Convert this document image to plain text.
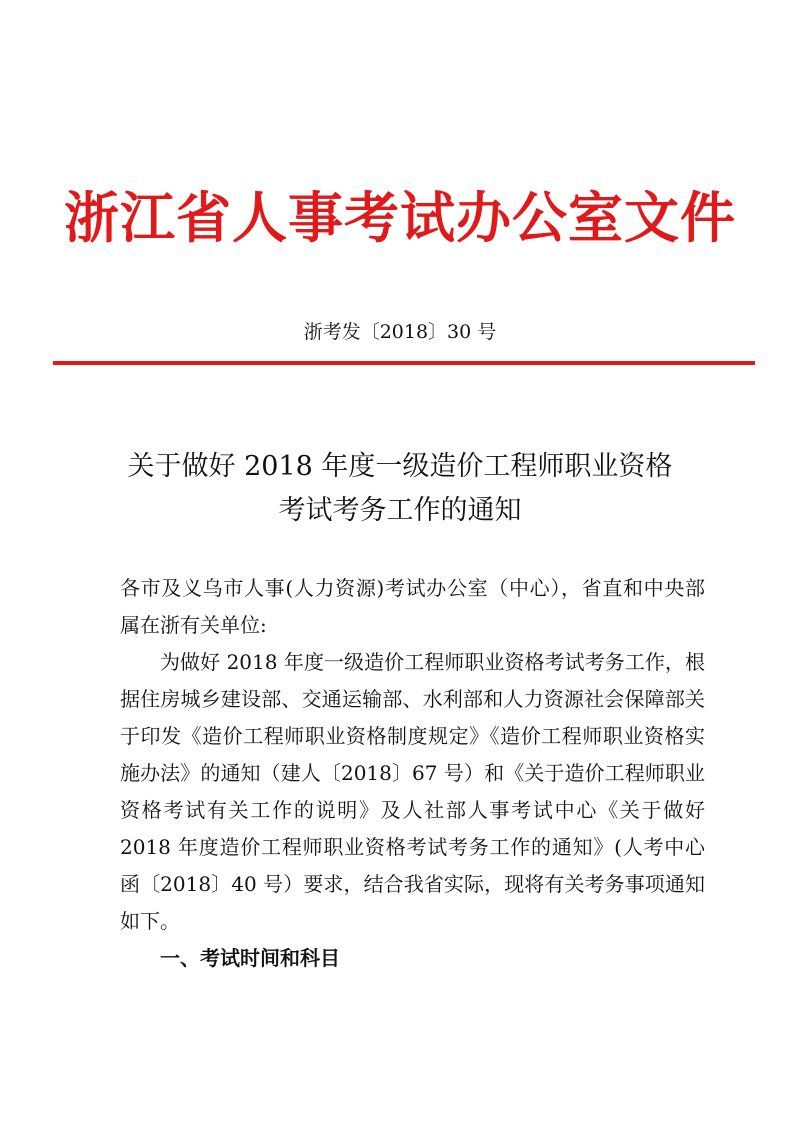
浙江省人事考试办公室文件
浙考发〔2018〕30 号
关于做好 2018 年度一级造价工程师职业资格
考试考务工作的通知

各市及义乌市人事(人力资源)考试办公室（中心），省直和中央部属在浙有关单位:

为做好 2018 年度一级造价工程师职业资格考试考务工作，根据住房城乡建设部、交通运输部、水利部和人力资源社会保障部关于印发《造价工程师职业资格制度规定》《造价工程师职业资格实施办法》的通知（建人〔2018〕67 号）和《关于造价工程师职业资格考试有关工作的说明》及人社部人事考试中心《关于做好 2018 年度造价工程师职业资格考试考务工作的通知》(人考中心函〔2018〕40 号）要求，结合我省实际，现将有关考务事项通知如下。

一、考试时间和科目
